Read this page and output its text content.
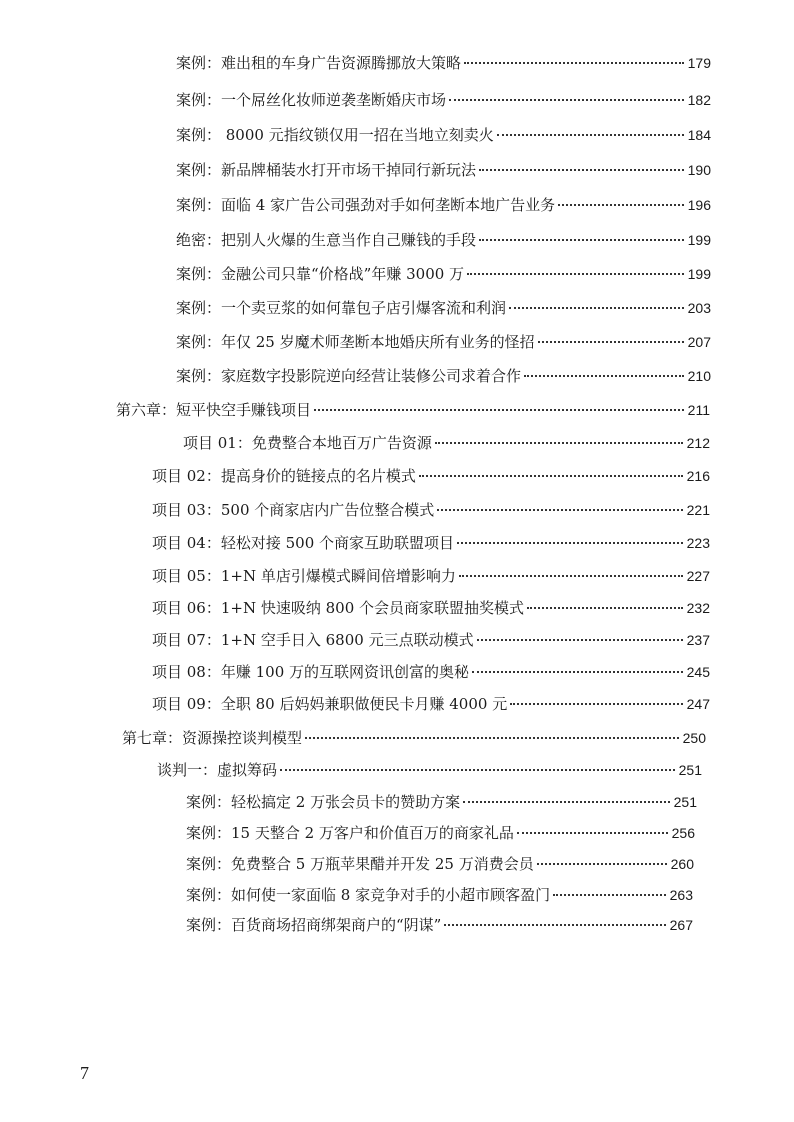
案例：难出租的车身广告资源腾挪放大策略	179
案例：一个屌丝化妆师逆袭垄断婚庆市场	182
案例： 8000 元指纹锁仅用一招在当地立刻卖火	184
案例：新品牌桶装水打开市场干掉同行新玩法	190
案例：面临 4 家广告公司强劲对手如何垄断本地广告业务	196
绝密：把别人火爆的生意当作自己赚钱的手段	199
案例：金融公司只靠“价格战”年赚 3000 万	199
案例：一个卖豆浆的如何靠包子店引爆客流和利润	203
案例：年仅 25 岁魔术师垄断本地婚庆所有业务的怪招	207
案例：家庭数字投影院逆向经营让装修公司求着合作	210
第六章：短平快空手赚钱项目	211
项目 01：免费整合本地百万广告资源	212
项目 02：提高身价的链接点的名片模式	216
项目 03：500 个商家店内广告位整合模式	221
项目 04：轻松对接 500 个商家互助联盟项目	223
项目 05：1+N 单店引爆模式瞬间倍增影响力	227
项目 06：1+N 快速吸纳 800 个会员商家联盟抽奖模式	232
项目 07：1+N 空手日入 6800 元三点联动模式	237
项目 08：年赚 100 万的互联网资讯创富的奥秘	245
项目 09：全职 80 后妈妈兼职做便民卡月赚 4000 元	247
第七章：资源操控谈判模型	250
谈判一：虚拟筹码	251
案例：轻松搞定 2 万张会员卡的赞助方案	251
案例：15 天整合 2 万客户和价值百万的商家礼品	256
案例：免费整合 5 万瓶苹果醋并开发 25 万消费会员	260
案例：如何使一家面临 8 家竞争对手的小超市顾客盈门	263
案例：百货商场招商绑架商户的“阴谋”	267
7
